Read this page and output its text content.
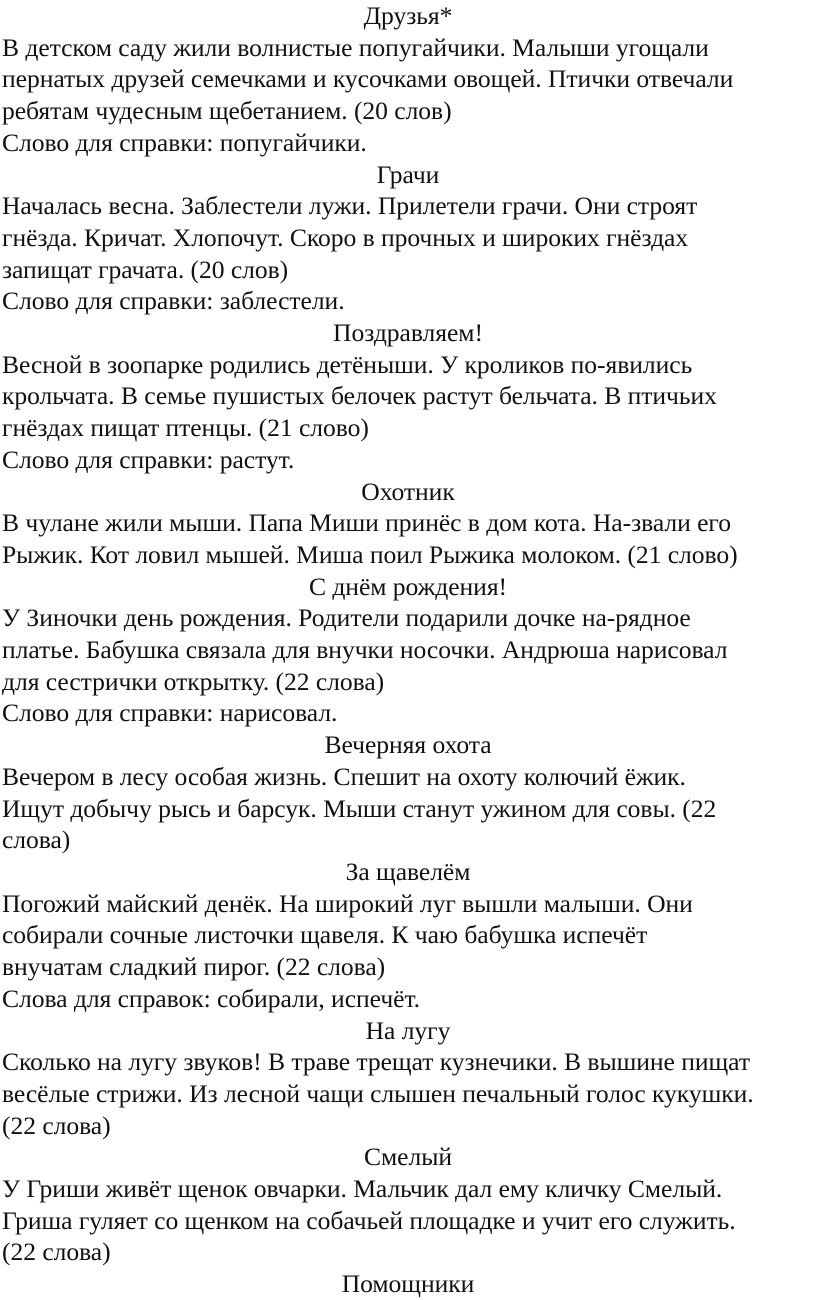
Друзья*
В детском саду жили волнистые попугайчики. Малыши угощали
пернатых друзей семечками и кусочками овощей. Птички отвечали
ребятам чудесным щебетанием. (20 слов)
Слово для справки: попугайчики.
Грачи
Началась весна. Заблестели лужи. Прилетели грачи. Они строят
гнёзда. Кричат. Хлопочут. Скоро в прочных и широких гнёздах
запищат грачата. (20 слов)
Слово для справки: заблестели.
Поздравляем!
Весной в зоопарке родились детёныши. У кроликов по-явились
крольчата. В семье пушистых белочек растут бельчата. В птичьих
гнёздах пищат птенцы. (21 слово)
Слово для справки: растут.
Охотник
В чулане жили мыши. Папа Миши принёс в дом кота. На-звали его
Рыжик. Кот ловил мышей. Миша поил Рыжика молоком. (21 слово)
С днём рождения!
У Зиночки день рождения. Родители подарили дочке на-рядное
платье. Бабушка связала для внучки носочки. Андрюша нарисовал
для сестрички открытку. (22 слова)
Слово для справки: нарисовал.
Вечерняя охота
Вечером в лесу особая жизнь. Спешит на охоту колючий ёжик.
Ищут добычу рысь и барсук. Мыши станут ужином для совы. (22
слова)
За щавелём
Погожий майский денёк. На широкий луг вышли малыши. Они
собирали сочные листочки щавеля. К чаю бабушка испечёт
внучатам сладкий пирог. (22 слова)
Слова для справок: собирали, испечёт.
На лугу
Сколько на лугу звуков! В траве трещат кузнечики. В вышине пищат
весёлые стрижи. Из лесной чащи слышен печальный голос кукушки.
(22 слова)
Смелый
У Гриши живёт щенок овчарки. Мальчик дал ему кличку Смелый.
Гриша гуляет со щенком на собачьей площадке и учит его служить.
(22 слова)
Помощники
